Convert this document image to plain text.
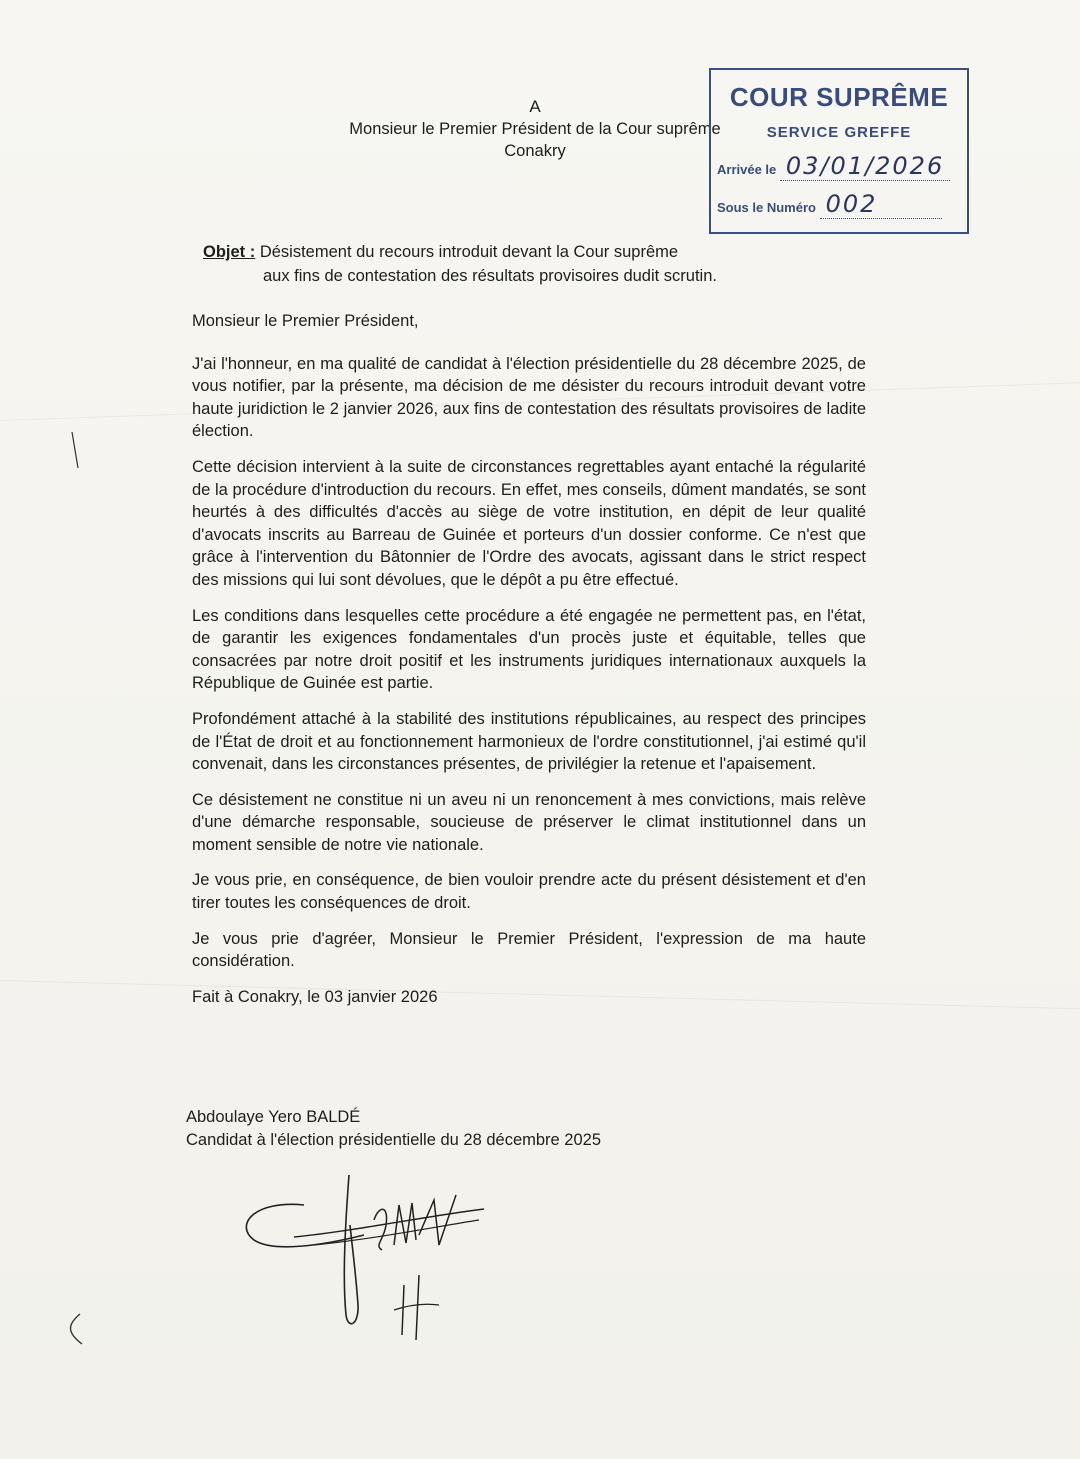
A
Monsieur le Premier Président de la Cour suprême
Conakry
COUR SUPRÊME
SERVICE GREFFE
Arrivée le 03/01/2026
Sous le Numéro 002
Objet : Désistement du recours introduit devant la Cour suprême
aux fins de contestation des résultats provisoires dudit scrutin.

Monsieur le Premier Président,

J'ai l'honneur, en ma qualité de candidat à l'élection présidentielle du 28 décembre 2025, de vous notifier, par la présente, ma décision de me désister du recours introduit devant votre haute juridiction le 2 janvier 2026, aux fins de contestation des résultats provisoires de ladite élection.

Cette décision intervient à la suite de circonstances regrettables ayant entaché la régularité de la procédure d'introduction du recours. En effet, mes conseils, dûment mandatés, se sont heurtés à des difficultés d'accès au siège de votre institution, en dépit de leur qualité d'avocats inscrits au Barreau de Guinée et porteurs d'un dossier conforme. Ce n'est que grâce à l'intervention du Bâtonnier de l'Ordre des avocats, agissant dans le strict respect des missions qui lui sont dévolues, que le dépôt a pu être effectué.

Les conditions dans lesquelles cette procédure a été engagée ne permettent pas, en l'état, de garantir les exigences fondamentales d'un procès juste et équitable, telles que consacrées par notre droit positif et les instruments juridiques internationaux auxquels la République de Guinée est partie.

Profondément attaché à la stabilité des institutions républicaines, au respect des principes de l'État de droit et au fonctionnement harmonieux de l'ordre constitutionnel, j'ai estimé qu'il convenait, dans les circonstances présentes, de privilégier la retenue et l'apaisement.

Ce désistement ne constitue ni un aveu ni un renoncement à mes convictions, mais relève d'une démarche responsable, soucieuse de préserver le climat institutionnel dans un moment sensible de notre vie nationale.

Je vous prie, en conséquence, de bien vouloir prendre acte du présent désistement et d'en tirer toutes les conséquences de droit.

Je vous prie d'agréer, Monsieur le Premier Président, l'expression de ma haute considération.

Fait à Conakry, le 03 janvier 2026

Abdoulaye Yero BALDÉ
Candidat à l'élection présidentielle du 28 décembre 2025
